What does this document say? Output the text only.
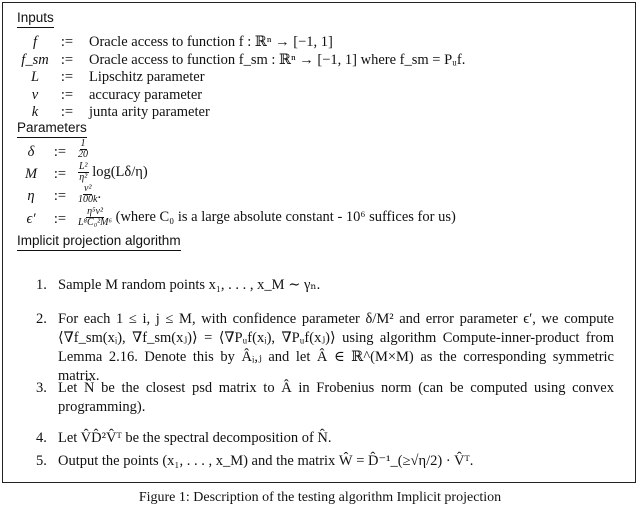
Inputs
f	:=	Oracle access to function f : ℝⁿ → [−1, 1]
f_sm :=	Oracle access to function f_sm : ℝⁿ → [−1, 1] where f_sm = Pᵤf.
L	:=	Lipschitz parameter
ν	:=	accuracy parameter
k	:=	junta arity parameter
Parameters
δ	:=	$\frac{1}{20}$
M	:=	$\frac{\text{L²}}{\text{η²}} \log(L\delta/\eta)$
η	:=	$\frac{\text{ν²}}{100k}$ .
ϵ′	:=	$\frac{\text{η⁵ν²}}{\text{L⁸C₀²M⁶}}$ (where C₀ is a large absolute constant - 10⁶ suffices for us)
Implicit projection algorithm
1. Sample M random points x₁, . . . , x_M ∼ γₙ.
2. For each 1 ≤ i, j ≤ M, with confidence parameter δ/M² and error parameter ϵ′, we compute ⟨∇f_sm(xᵢ), ∇f_sm(xⱼ)⟩ = ⟨∇Pᵤf(xᵢ), ∇Pᵤf(xⱼ)⟩ using algorithm Compute-inner-product from Lemma 2.16. Denote this by Âᵢ,ⱼ and let Â ∈ ℝ^(M×M) as the corresponding symmetric matrix.
3. Let N̂ be the closest psd matrix to Â in Frobenius norm (can be computed using convex programming).
4. Let V̂D̂²V̂ᵀ be the spectral decomposition of N̂.
5. Output the points (x₁, . . . , x_M) and the matrix Ŵ = D̂⁻¹_(≥√η/2) · V̂ᵀ.
Figure 1: Description of the testing algorithm Implicit projection
